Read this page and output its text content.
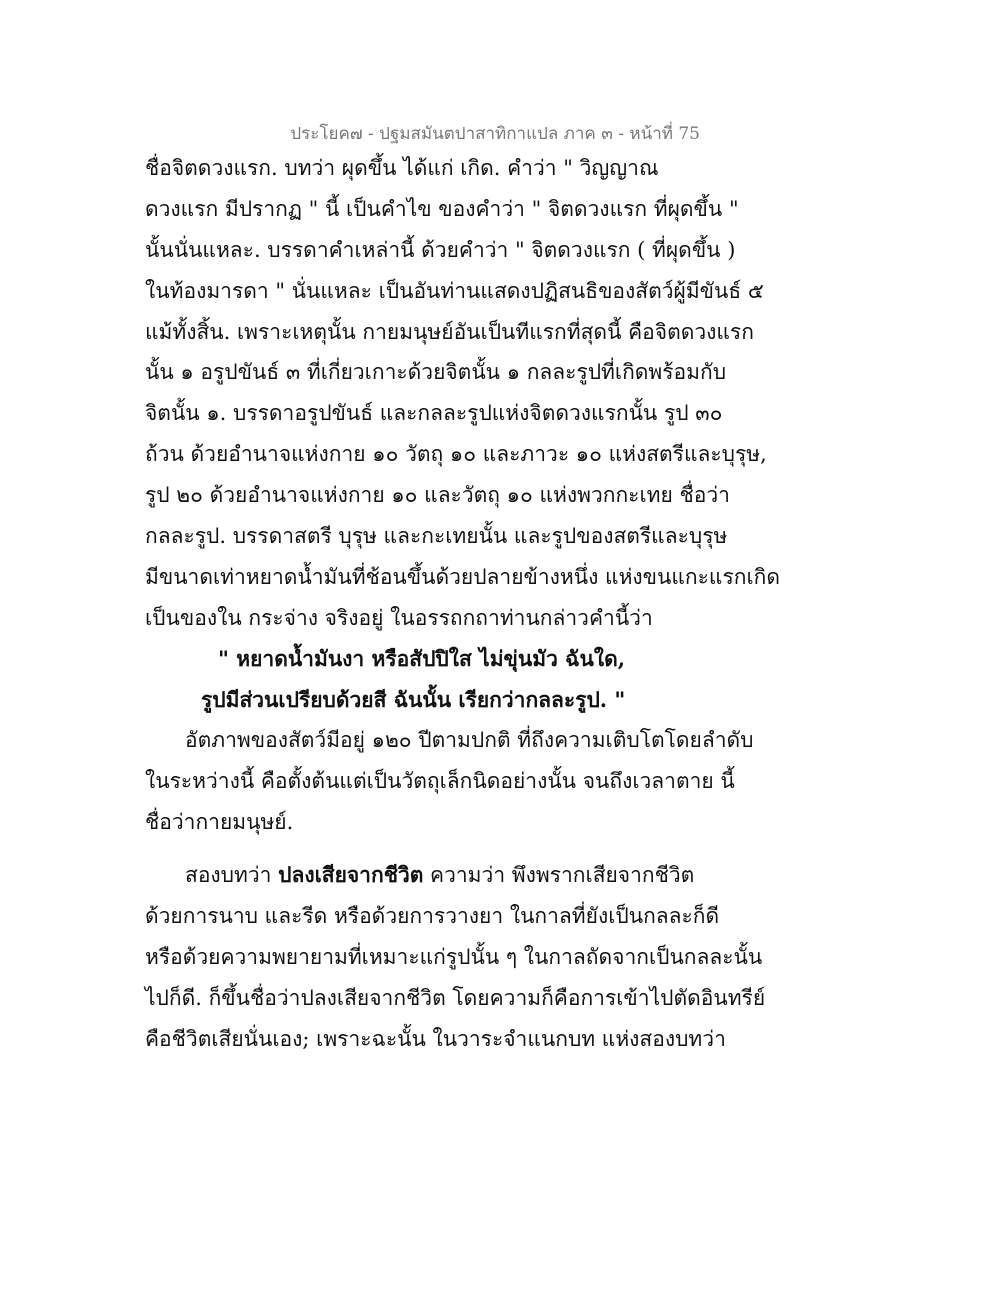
ประโยค๗ - ปฐมสมันตปาสาทิกาแปล ภาค ๓ - หน้าที่ 75
ชื่อจิตดวงแรก. บทว่า ผุดขึ้น ได้แก่ เกิด. คำว่า " วิญญาณ
ดวงแรก มีปรากฏ " นี้ เป็นคำไข ของคำว่า " จิตดวงแรก ที่ผุดขึ้น "
นั้นนั่นแหละ. บรรดาคำเหล่านี้ ด้วยคำว่า " จิตดวงแรก ( ที่ผุดขึ้น )
ในท้องมารดา " นั่นแหละ เป็นอันท่านแสดงปฏิสนธิของสัตว์ผู้มีขันธ์ ๕
แม้ทั้งสิ้น. เพราะเหตุนั้น กายมนุษย์อันเป็นทีแรกที่สุดนี้ คือจิตดวงแรก
นั้น ๑ อรูปขันธ์ ๓ ที่เกี่ยวเกาะด้วยจิตนั้น ๑ กลละรูปที่เกิดพร้อมกับ
จิตนั้น ๑. บรรดาอรูปขันธ์ และกลละรูปแห่งจิตดวงแรกนั้น รูป ๓๐
ถ้วน ด้วยอำนาจแห่งกาย ๑๐ วัตถุ ๑๐ และภาวะ ๑๐ แห่งสตรีและบุรุษ,
รูป ๒๐ ด้วยอำนาจแห่งกาย ๑๐ และวัตถุ ๑๐ แห่งพวกกะเทย ชื่อว่า
กลละรูป. บรรดาสตรี บุรุษ และกะเทยนั้น และรูปของสตรีและบุรุษ
มีขนาดเท่าหยาดน้ำมันที่ช้อนขึ้นด้วยปลายข้างหนึ่ง แห่งขนแกะแรกเกิด
เป็นของใน กระจ่าง จริงอยู่ ในอรรถกถาท่านกล่าวคำนี้ว่า
" หยาดน้ำมันงา หรือสัปปิใส ไม่ขุ่นมัว ฉันใด,
รูปมีส่วนเปรียบด้วยสี ฉันนั้น เรียกว่ากลละรูป. "
อัตภาพของสัตว์มีอยู่ ๑๒๐ ปีตามปกติ ที่ถึงความเติบโตโดยลำดับ
ในระหว่างนี้ คือตั้งต้นแต่เป็นวัตถุเล็กนิดอย่างนั้น จนถึงเวลาตาย นี้
ชื่อว่ากายมนุษย์.
สองบทว่า ปลงเสียจากชีวิต ความว่า พึงพรากเสียจากชีวิต
ด้วยการนาบ และรีด หรือด้วยการวางยา ในกาลที่ยังเป็นกลละก็ดี
หรือด้วยความพยายามที่เหมาะแก่รูปนั้น ๆ ในกาลถัดจากเป็นกลละนั้น
ไปก็ดี. ก็ขึ้นชื่อว่าปลงเสียจากชีวิต โดยความก็คือการเข้าไปตัดอินทรีย์
คือชีวิตเสียนั่นเอง; เพราะฉะนั้น ในวาระจำแนกบท แห่งสองบทว่า
